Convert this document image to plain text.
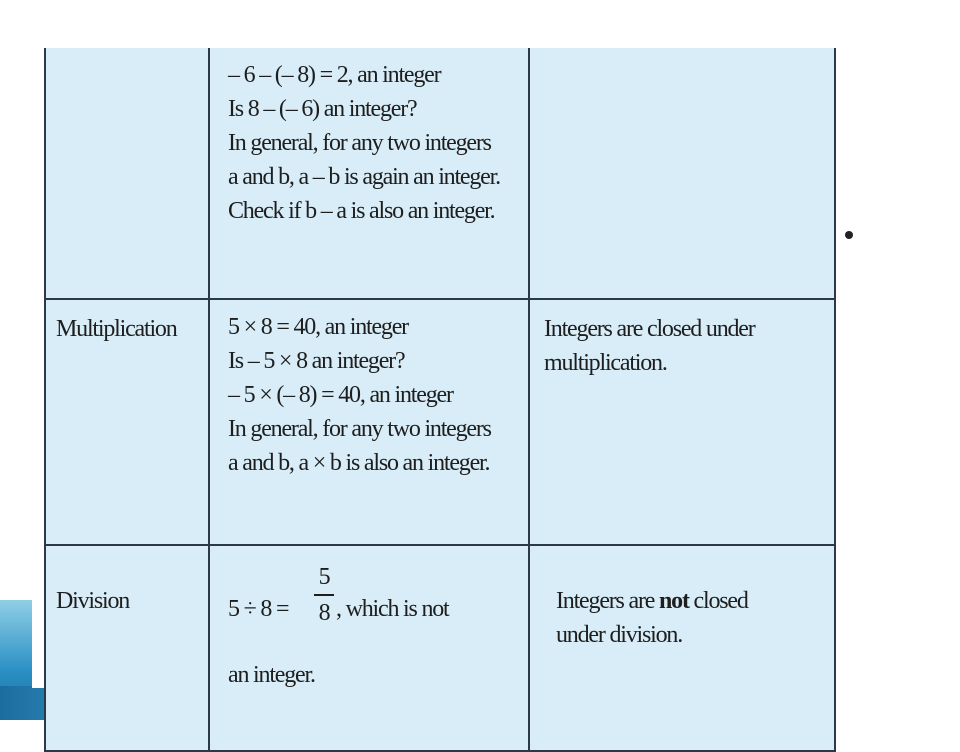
	– 6 – (– 8) = 2, an integer
Is 8 – (– 6) an integer?
In general, for any two integers
a and b, a – b is again an integer.
Check if b – a is also an integer.	

Multiplication	5 × 8 = 40, an integer
Is – 5 × 8 an integer?
– 5 × (– 8) = 40, an integer
In general, for any two integers
a and b, a × b is also an integer.	Integers are closed under
multiplication.

Division	5 ÷ 8 =
5
8 , which is not
an integer.	Integers are not closed
under division.
